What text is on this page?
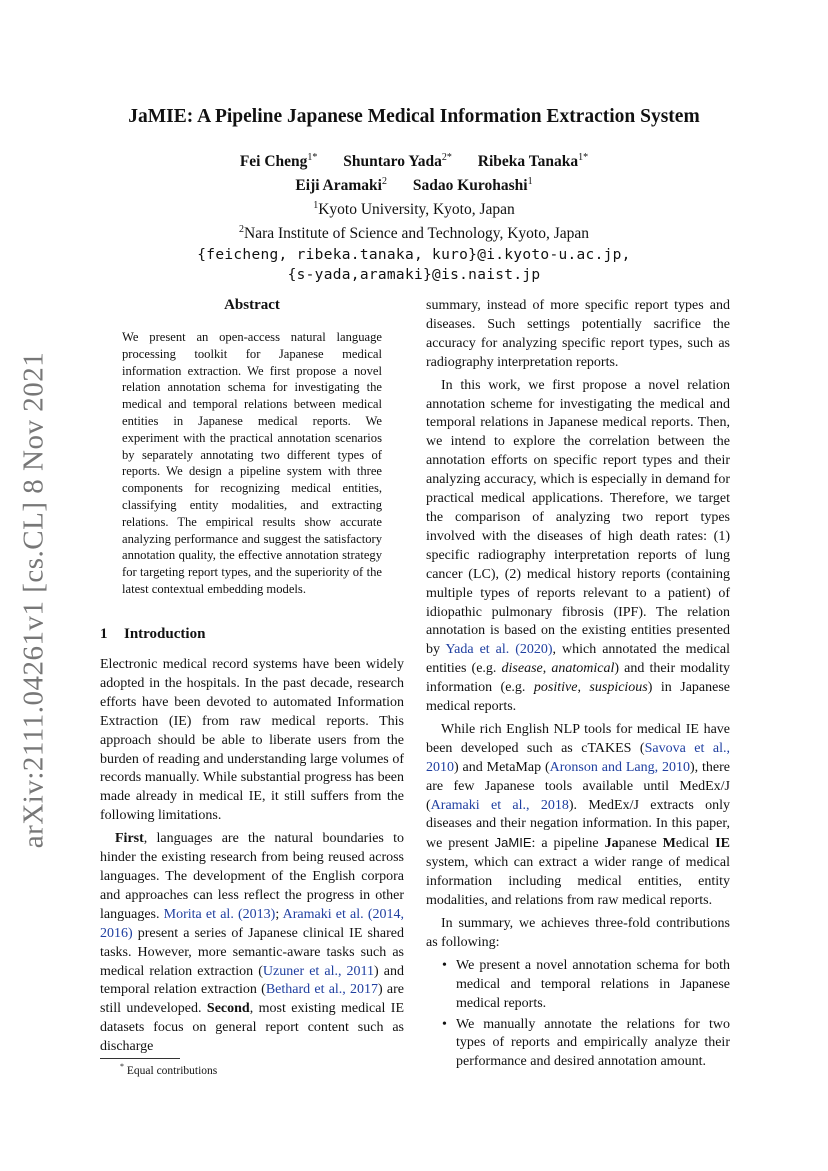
arXiv:2111.04261v1 [cs.CL] 8 Nov 2021
JaMIE: A Pipeline Japanese Medical Information Extraction System
Fei Cheng$^{1*}$ Shuntaro Yada$^{2*}$ Ribeka Tanaka$^{1*}$
Eiji Aramaki$^2$ Sadao Kurohashi$^1$
$^1$Kyoto University, Kyoto, Japan
$^2$Nara Institute of Science and Technology, Kyoto, Japan
{feicheng, ribeka.tanaka, kuro}@i.kyoto-u.ac.jp,
{s-yada,aramaki}@is.naist.jp
Abstract
We present an open-access natural language processing toolkit for Japanese medical information extraction. We first propose a novel relation annotation schema for investigating the medical and temporal relations between medical entities in Japanese medical reports. We experiment with the practical annotation scenarios by separately annotating two different types of reports. We design a pipeline system with three components for recognizing medical entities, classifying entity modalities, and extracting relations. The empirical results show accurate analyzing performance and suggest the satisfactory annotation quality, the effective annotation strategy for targeting report types, and the superiority of the latest contextual embedding models.
1 Introduction

Electronic medical record systems have been widely adopted in the hospitals. In the past decade, research efforts have been devoted to automated Information Extraction (IE) from raw medical reports. This approach should be able to liberate users from the burden of reading and understanding large volumes of records manually. While substantial progress has been made already in medical IE, it still suffers from the following limitations.

First, languages are the natural boundaries to hinder the existing research from being reused across languages. The development of the English corpora and approaches can less reflect the progress in other languages. Morita et al. (2013); Aramaki et al. (2014, 2016) present a series of Japanese clinical IE shared tasks. However, more semantic-aware tasks such as medical relation extraction (Uzuner et al., 2011) and temporal relation extraction (Bethard et al., 2017) are still undeveloped. Second, most existing medical IE datasets focus on general report content such as discharge

summary, instead of more specific report types and diseases. Such settings potentially sacrifice the accuracy for analyzing specific report types, such as radiography interpretation reports.

In this work, we first propose a novel relation annotation scheme for investigating the medical and temporal relations in Japanese medical reports. Then, we intend to explore the correlation between the annotation efforts on specific report types and their analyzing accuracy, which is especially in demand for practical medical applications. Therefore, we target the comparison of analyzing two report types involved with the diseases of high death rates: (1) specific radiography interpretation reports of lung cancer (LC), (2) medical history reports (containing multiple types of reports relevant to a patient) of idiopathic pulmonary fibrosis (IPF). The relation annotation is based on the existing entities presented by Yada et al. (2020), which annotated the medical entities (e.g. disease, anatomical) and their modality information (e.g. positive, suspicious) in Japanese medical reports.

While rich English NLP tools for medical IE have been developed such as cTAKES (Savova et al., 2010) and MetaMap (Aronson and Lang, 2010), there are few Japanese tools available until MedEx/J (Aramaki et al., 2018). MedEx/J extracts only diseases and their negation information. In this paper, we present JaMIE: a pipeline Japanese Medical IE system, which can extract a wider range of medical information including medical entities, entity modalities, and relations from raw medical reports.

In summary, we achieves three-fold contributions as following:

• We present a novel annotation schema for both medical and temporal relations in Japanese medical reports.
• We manually annotate the relations for two types of reports and empirically analyze their performance and desired annotation amount.
* Equal contributions
